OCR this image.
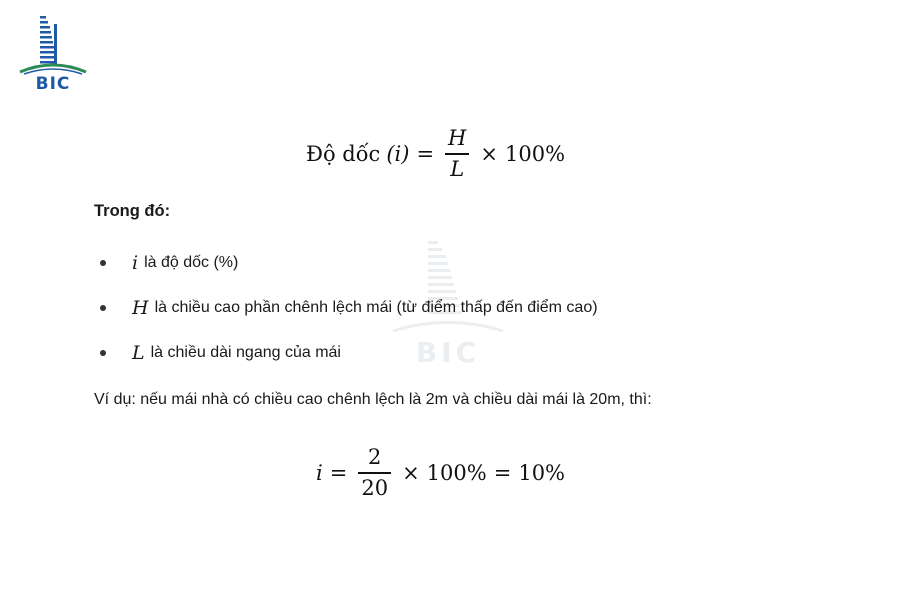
BIC
BIC
Độ dốc $(i) = \frac{H}{L} \times 100\%$
Trong đó:
i là độ dốc (%)
H là chiều cao phần chênh lệch mái (từ điểm thấp đến điểm cao)
L là chiều dài ngang của mái
Ví dụ: nếu mái nhà có chiều cao chênh lệch là 2m và chiều dài mái là 20m, thì:
$i = \frac{2}{20} \times 100\% = 10\%$
